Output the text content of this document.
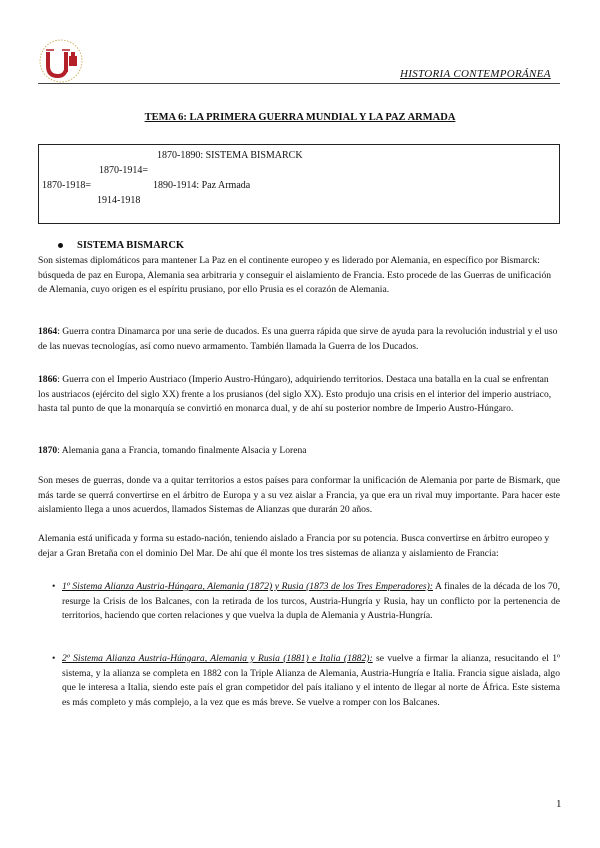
HISTORIA CONTEMPORÁNEA
TEMA 6: LA PRIMERA GUERRA MUNDIAL Y LA PAZ ARMADA
1870-1890: SISTEMA BISMARCK
1870-1914=
1870-1918=	1890-1914: Paz Armada
1914-1918
SISTEMA BISMARCK

Son sistemas diplomáticos para mantener La Paz en el continente europeo y es liderado por Alemania, en específico por Bismarck: búsqueda de paz en Europa, Alemania sea arbitraria y conseguir el aislamiento de Francia. Esto procede de las Guerras de unificación de Alemania, cuyo origen es el espíritu prusiano, por ello Prusia es el corazón de Alemania.

1864: Guerra contra Dinamarca por una serie de ducados. Es una guerra rápida que sirve de ayuda para la revolución industrial y el uso de las nuevas tecnologías, así como nuevo armamento. También llamada la Guerra de los Ducados.

1866: Guerra con el Imperio Austriaco (Imperio Austro-Húngaro), adquiriendo territorios. Destaca una batalla en la cual se enfrentan los austriacos (ejército del siglo XX) frente a los prusianos (del siglo XX). Esto produjo una crisis en el interior del imperio austriaco, hasta tal punto de que la monarquía se convirtió en monarca dual, y de ahí su posterior nombre de Imperio Austro-Húngaro.

1870: Alemania gana a Francia, tomando finalmente Alsacia y Lorena

Son meses de guerras, donde va a quitar territorios a estos países para conformar la unificación de Alemania por parte de Bismark, que más tarde se querrá convertirse en el árbitro de Europa y a su vez aislar a Francia, ya que era un rival muy importante. Para hacer este aislamiento llega a unos acuerdos, llamados Sistemas de Alianzas que durarán 20 años.

Alemania está unificada y forma su estado-nación, teniendo aislado a Francia por su potencia. Busca convertirse en árbitro europeo y dejar a Gran Bretaña con el dominio Del Mar. De ahí que él monte los tres sistemas de alianza y aislamiento de Francia:

• 1º Sistema Alianza Austria-Húngara, Alemania (1872) y Rusia (1873 de los Tres Emperadores): A finales de la década de los 70, resurge la Crisis de los Balcanes, con la retirada de los turcos, Austria-Hungría y Rusia, hay un conflicto por la pertenencia de territorios, haciendo que corten relaciones y que vuelva la dupla de Alemania y Austria-Hungría.

• 2º Sistema Alianza Austria-Húngara, Alemania y Rusia (1881) e Italia (1882): se vuelve a firmar la alianza, resucitando el 1º sistema, y la alianza se completa en 1882 con la Triple Alianza de Alemania, Austria-Hungría e Italia. Francia sigue aislada, algo que le interesa a Italia, siendo este país el gran competidor del país italiano y el intento de llegar al norte de África. Este sistema es más completo y más complejo, a la vez que es más breve. Se vuelve a romper con los Balcanes.

1
